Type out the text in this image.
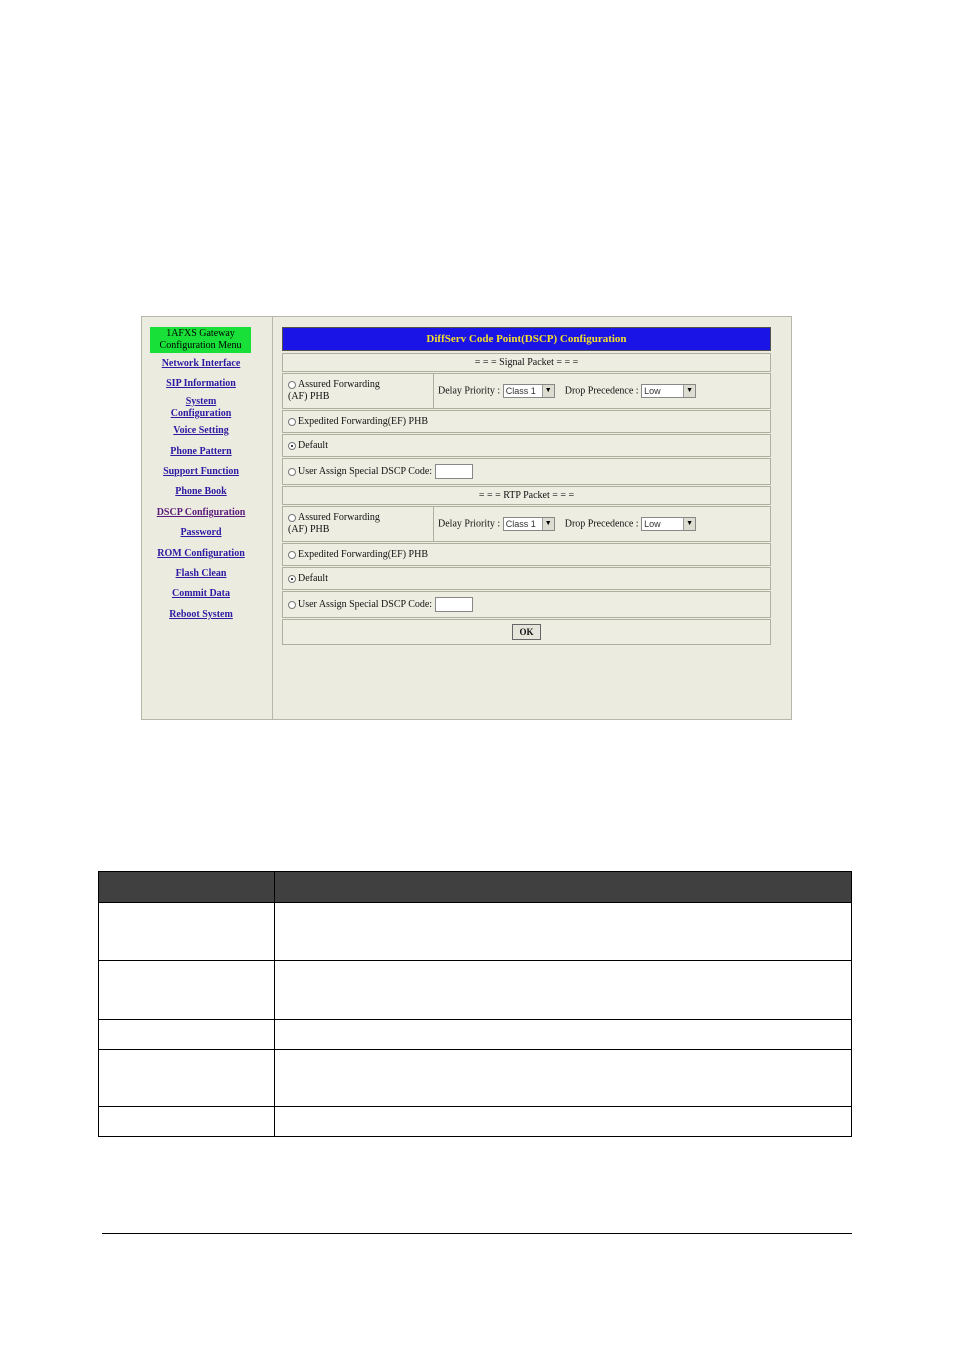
1AFXS Gateway
Configuration Menu
Network Interface
SIP Information
System
Configuration
Voice Setting
Phone Pattern
Support Function
Phone Book
DSCP Configuration
Password
ROM Configuration
Flash Clean
Commit Data
Reboot System
DiffServ Code Point(DSCP) Configuration
= = = Signal Packet = = =
Assured Forwarding
(AF) PHB
Delay Priority : Class 1	▼ Drop Precedence : Low	▼
Expedited Forwarding(EF) PHB
Default
User Assign Special DSCP Code:
= = = RTP Packet = = =
Assured Forwarding
(AF) PHB
Delay Priority : Class 1	▼ Drop Precedence : Low	▼
Expedited Forwarding(EF) PHB
Default
User Assign Special DSCP Code:
OK
